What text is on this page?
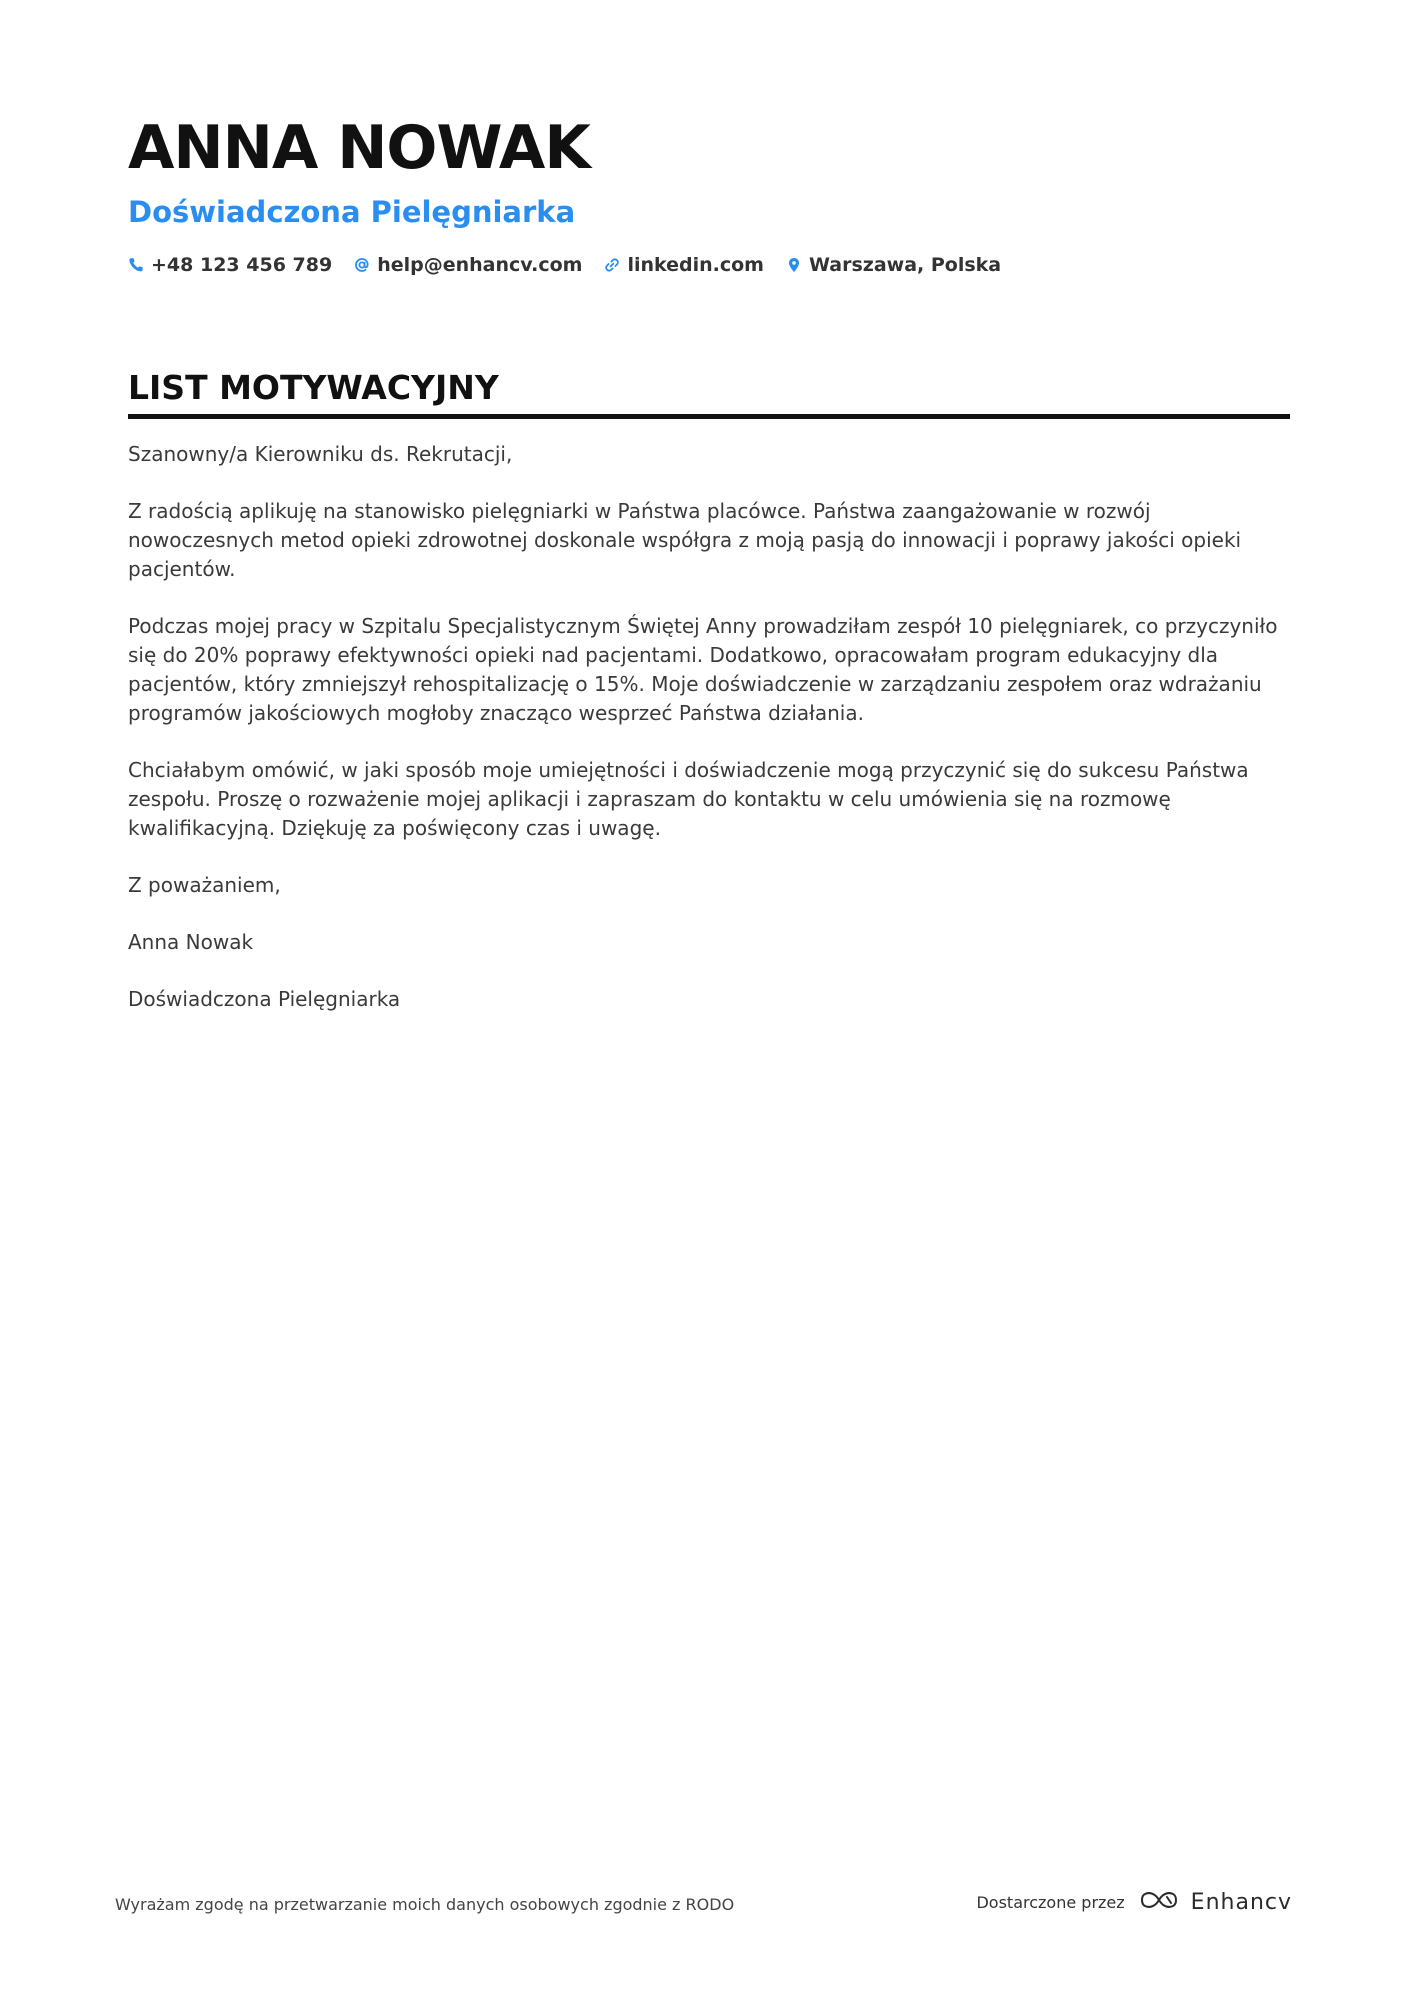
ANNA NOWAK
Doświadczona Pielęgniarka
+48 123 456 789 help@enhancv.com linkedin.com Warszawa, Polska
LIST MOTYWACYJNY

Szanowny/a Kierowniku ds. Rekrutacji,

Z radością aplikuję na stanowisko pielęgniarki w Państwa placówce. Państwa zaangażowanie w rozwój nowoczesnych metod opieki zdrowotnej doskonale współgra z moją pasją do innowacji i poprawy jakości opieki pacjentów.

Podczas mojej pracy w Szpitalu Specjalistycznym Świętej Anny prowadziłam zespół 10 pielęgniarek, co przyczyniło się do 20% poprawy efektywności opieki nad pacjentami. Dodatkowo, opracowałam program edukacyjny dla pacjentów, który zmniejszył rehospitalizację o 15%. Moje doświadczenie w zarządzaniu zespołem oraz wdrażaniu programów jakościowych mogłoby znacząco wesprzeć Państwa działania.

Chciałabym omówić, w jaki sposób moje umiejętności i doświadczenie mogą przyczynić się do sukcesu Państwa zespołu. Proszę o rozważenie mojej aplikacji i zapraszam do kontaktu w celu umówienia się na rozmowę kwalifikacyjną. Dziękuję za poświęcony czas i uwagę.

Z poważaniem,

Anna Nowak

Doświadczona Pielęgniarka

Wyrażam zgodę na przetwarzanie moich danych osobowych zgodnie z RODO	Dostarczone przez	Enhancv
